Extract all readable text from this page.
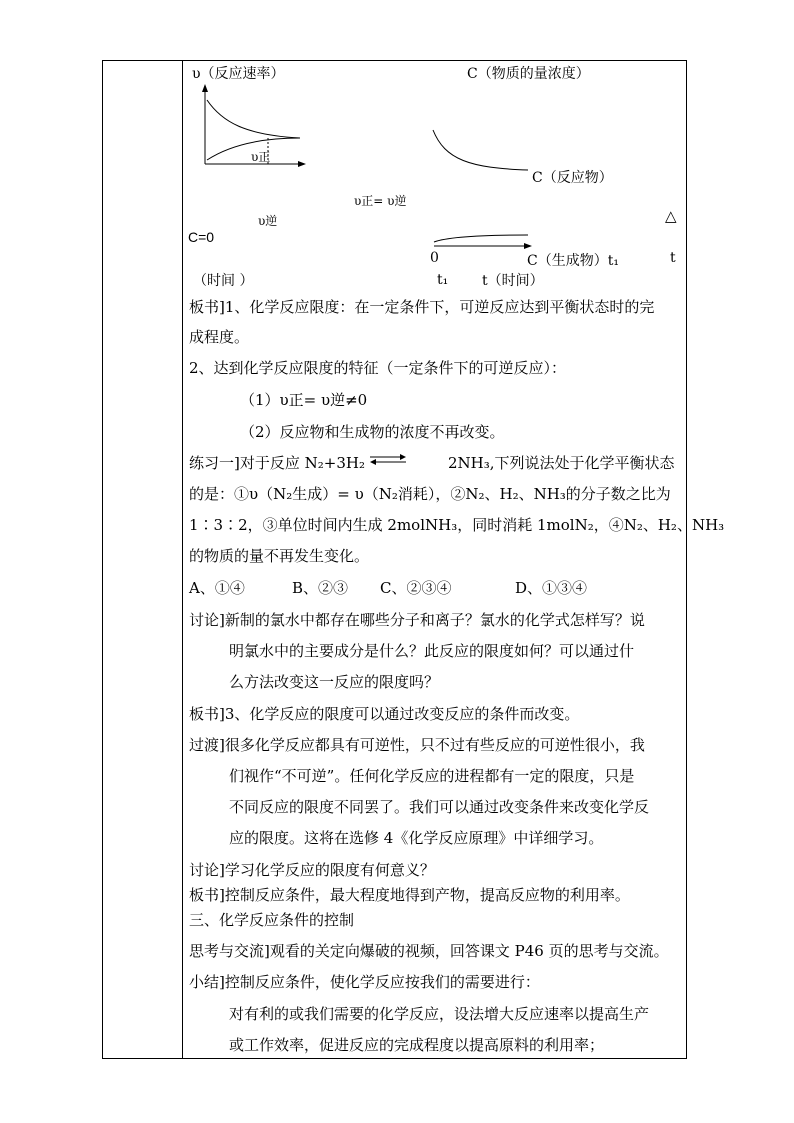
υ（反应速率）	C（物质的量浓度）
υ正
C（反应物）
υ正= υ逆
υ逆	△
C=0
0	C（生成物）t₁	t
（时间 ）	t₁ t（时间）
板书]1、化学反应限度：在一定条件下，可逆反应达到平衡状态时的完
成程度。
2、达到化学反应限度的特征（一定条件下的可逆反应）：
（1）υ正= υ逆≠0
（2）反应物和生成物的浓度不再改变。
练习一]对于反应 N₂+3H₂ ⇌	2NH₃,下列说法处于化学平衡状态
的是：①υ（N₂生成）= υ（N₂消耗），②N₂、H₂、NH₃的分子数之比为
1∶3∶2，③单位时间内生成 2molNH₃，同时消耗 1molN₂，④N₂、H₂、NH₃
的物质的量不再发生变化。
A、①④	B、②③ C、②③④	D、①③④
讨论]新制的氯水中都存在哪些分子和离子？氯水的化学式怎样写？说
明氯水中的主要成分是什么？此反应的限度如何？可以通过什
么方法改变这一反应的限度吗？
板书]3、化学反应的限度可以通过改变反应的条件而改变。
过渡]很多化学反应都具有可逆性，只不过有些反应的可逆性很小，我
们视作“不可逆”。任何化学反应的进程都有一定的限度，只是
不同反应的限度不同罢了。我们可以通过改变条件来改变化学反
应的限度。这将在选修 4《化学反应原理》中详细学习。
讨论]学习化学反应的限度有何意义？
板书]控制反应条件，最大程度地得到产物，提高反应物的利用率。
三、化学反应条件的控制
思考与交流]观看的关定向爆破的视频，回答课文 P46 页的思考与交流。
小结]控制反应条件，使化学反应按我们的需要进行：
对有利的或我们需要的化学反应，设法增大反应速率以提高生产
或工作效率，促进反应的完成程度以提高原料的利用率；
